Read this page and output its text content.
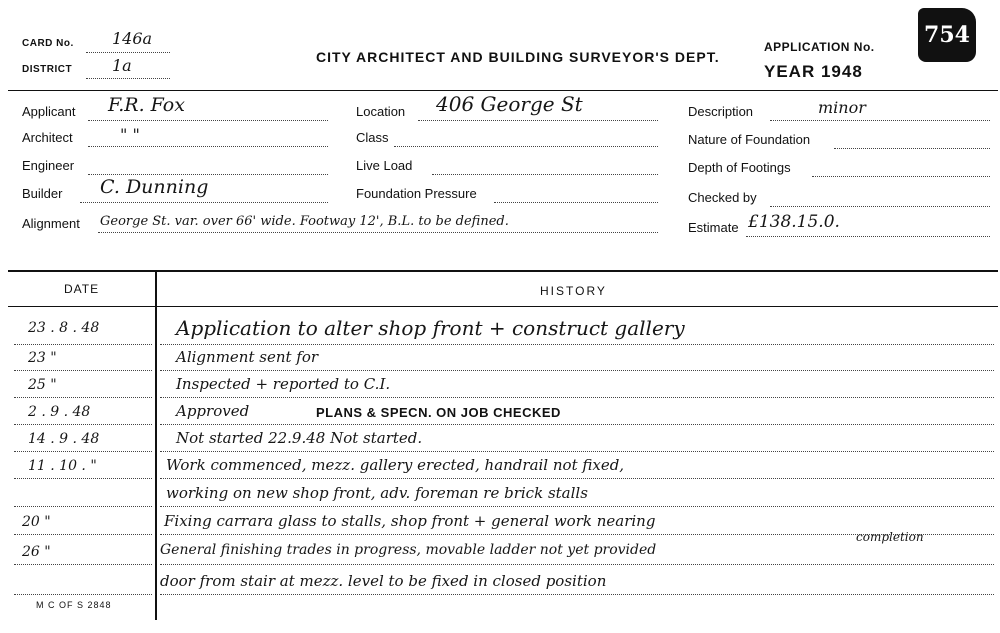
CARD No. 146a
DISTRICT 1a	CITY ARCHITECT AND BUILDING SURVEYOR'S DEPT.
APPLICATION No. 754
YEAR 1948
Applicant F.R. Fox
Architect	" "
Engineer
Builder C. Dunning
Alignment George St. var. over 66' wide. Footway 12', B.L. to be defined.
Location 406 George St
Class
Live Load
Foundation Pressure
Description	minor
Nature of Foundation
Depth of Footings
Checked by
Estimate £138.15.0.
DATE	HISTORY
23 . 8 . 48	Application to alter shop front + construct gallery
23 "	Alignment sent for
25 "	Inspected + reported to C.I.
2 . 9 . 48	Approved	PLANS & SPECN. ON JOB CHECKED
14 . 9 . 48	Not started 22.9.48 Not started.
11 . 10 . "	Work commenced, mezz. gallery erected, handrail not fixed,
working on new shop front, adv. foreman re brick stalls
20 "	Fixing carrara glass to stalls, shop front + general work nearing
completion
26 "	General finishing trades in progress, movable ladder not yet provided
door from stair at mezz. level to be fixed in closed position
M C OF S 2848
